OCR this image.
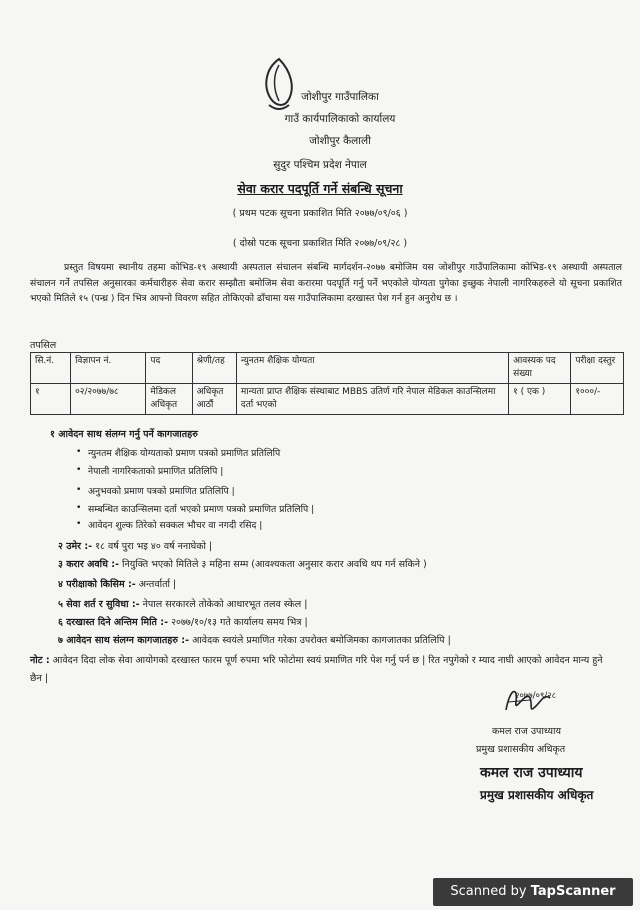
जोशीपुर गाउँपालिका
गाउँ कार्यपालिकाको कार्यालय
जोशीपुर कैलाली
सुदुर पश्चिम प्रदेश नेपाल
सेवा करार पदपूर्ति गर्ने संबन्धि सूचना
( प्रथम पटक सूचना प्रकाशित मिति २०७७/०९/०६ )
( दोस्रो पटक सूचना प्रकाशित मिति २०७७/०९/२८ )
प्रस्तुत विषयमा स्थानीय तहमा कोभिड-१९ अस्थायी अस्पताल संचालन संबन्धि मार्गदर्शन-२०७७ बमोजिम यस जोशीपुर गाउँपालिकामा कोभिड-१९ अस्थायी अस्पताल संचालन गर्ने तपसिल अनुसारका कर्मचारीहरु सेवा करार सम्झौता बमोजिम सेवा करारमा पदपूर्ति गर्नु पर्ने भएकोले योग्यता पुगेका इच्छुक नेपाली नागरिकहरुले यो सूचना प्रकाशित भएको मितिले १५ (पन्ध्र ) दिन भित्र आफ्नो विवरण सहित तोकिएको ढाँचामा यस गाउँपालिकामा दरखास्त पेश गर्न हुन अनुरोध छ ।
तपसिल
सि.नं.	विज्ञापन नं.	पद	श्रेणी/तह	न्युनतम शैक्षिक योग्यता	आवस्यक पद संख्या	परीक्षा दस्तुर
१	०२/२०७७/७८	मेडिकल अधिकृत	अधिकृत आठौं	मान्यता प्राप्त शैक्षिक संस्थाबाट MBBS उतिर्ण गरि नेपाल मेडिकल काउन्सिलमा दर्ता भएको	१ ( एक )	१०००/-
१ आवेदन साथ संलग्न गर्नु पर्ने कागजातहरु
• न्युनतम शैक्षिक योग्यताको प्रमाण पत्रको प्रमाणित प्रतिलिपि
• नेपाली नागरिकताको प्रमाणित प्रतिलिपि |
• अनुभवको प्रमाण पत्रको प्रमाणित प्रतिलिपि |
• सम्बन्धित काउन्सिलमा दर्ता भएको प्रमाण पत्रको प्रमाणित प्रतिलिपि |
• आवेदन शुल्क तिरेको सक्कल भौचर वा नगदी रसिद |
२ उमेर :- १८ वर्ष पुरा भइ ४० वर्ष ननाघेको |
३ करार अवधि :- नियुक्ति भएको मितिले ३ महिना सम्म (आवश्यकता अनुसार करार अवधि थप गर्न सकिने )
४ परीक्षाको किसिम :- अन्तर्वार्ता |
५ सेवा शर्त र सुविधा :- नेपाल सरकारले तोकेको आधारभूत तलव स्केल |
६ दरखास्त दिने अन्तिम मिति :- २०७७/१०/१३ गते कार्यालय समय भित्र |
७ आवेदन साथ संलग्न कागजातहरु :- आवेदक स्वयंले प्रमाणित गरेका उपरोक्त बमोजिमका कागजातका प्रतिलिपि |
नोट : आवेदन दिदा लोक सेवा आयोगको दरखास्त फारम पूर्ण रुपमा भरि फोटोमा स्वयं प्रमाणित गरि पेश गर्नु पर्न छ | रित नपुगेको र म्याद नाघी आएको आवेदन मान्य हुने छैन |
२०७७/०९/२८
कमल राज उपाध्याय
प्रमुख प्रशासकीय अधिकृत
कमल राज उपाध्याय
प्रमुख प्रशासकीय अधिकृत
Scanned by TapScanner
